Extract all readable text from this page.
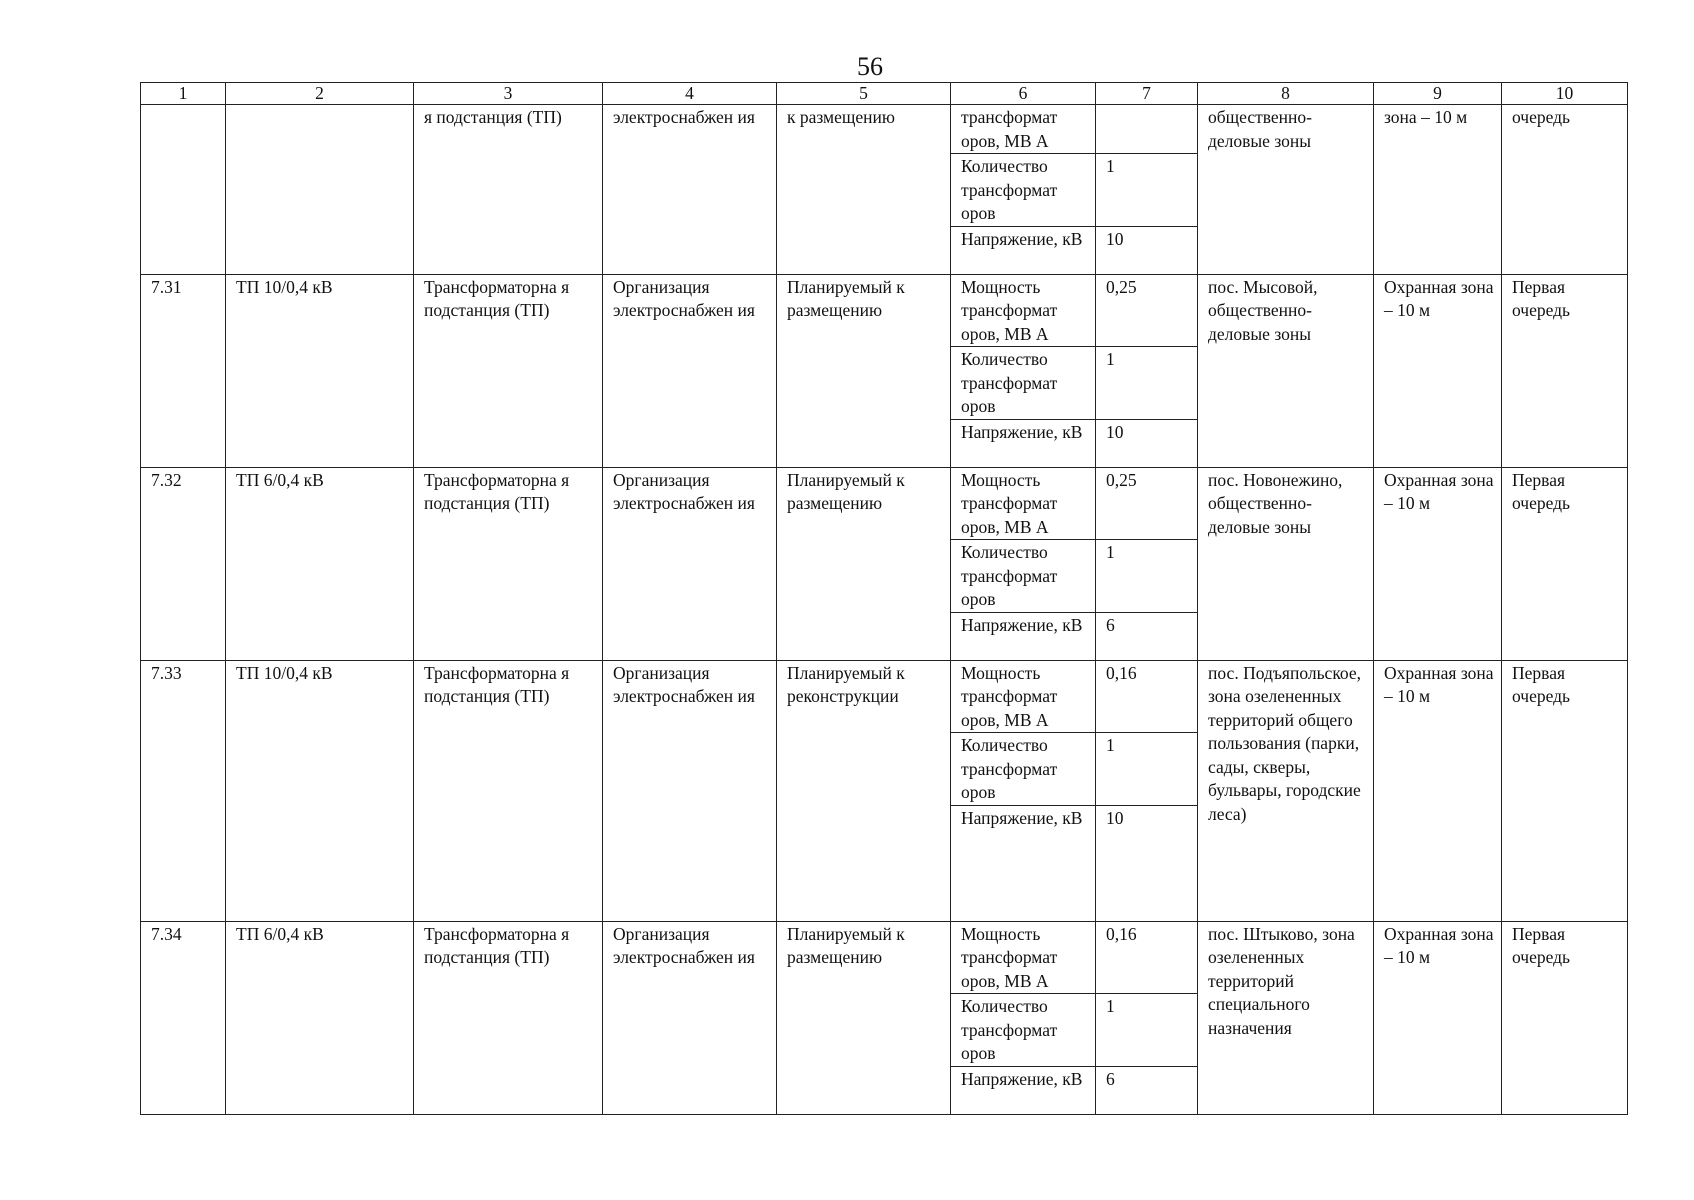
56
1	2	3	4	5	6	7	8	9	10
		я подстанция (ТП)	электроснабжен ия	к размещению	трансформат оров, МВ А		общественно-деловые зоны	зона – 10 м	очередь
					Количество трансформат оров	1			
					Напряжение, кВ	10			
7.31	ТП 10/0,4 кВ	Трансформаторна я подстанция (ТП)	Организация электроснабжен ия	Планируемый к размещению	Мощность трансформат оров, МВ А	0,25	пос. Мысовой, общественно-деловые зоны	Охранная зона – 10 м	Первая очередь
					Количество трансформат оров	1			
					Напряжение, кВ	10			
7.32	ТП 6/0,4 кВ	Трансформаторна я подстанция (ТП)	Организация электроснабжен ия	Планируемый к размещению	Мощность трансформат оров, МВ А	0,25	пос. Новонежино, общественно-деловые зоны	Охранная зона – 10 м	Первая очередь
					Количество трансформат оров	1			
					Напряжение, кВ	6			
7.33	ТП 10/0,4 кВ	Трансформаторна я подстанция (ТП)	Организация электроснабжен ия	Планируемый к реконструкции	Мощность трансформат оров, МВ А	0,16	пос. Подъяпольское, зона озелененных территорий общего пользования (парки, сады, скверы, бульвары, городские леса)	Охранная зона – 10 м	Первая очередь
					Количество трансформат оров	1			
					Напряжение, кВ	10			
7.34	ТП 6/0,4 кВ	Трансформаторна я подстанция (ТП)	Организация электроснабжен ия	Планируемый к размещению	Мощность трансформат оров, МВ А	0,16	пос. Штыково, зона озелененных территорий специального назначения	Охранная зона – 10 м	Первая очередь
					Количество трансформат оров	1			
					Напряжение, кВ	6			
